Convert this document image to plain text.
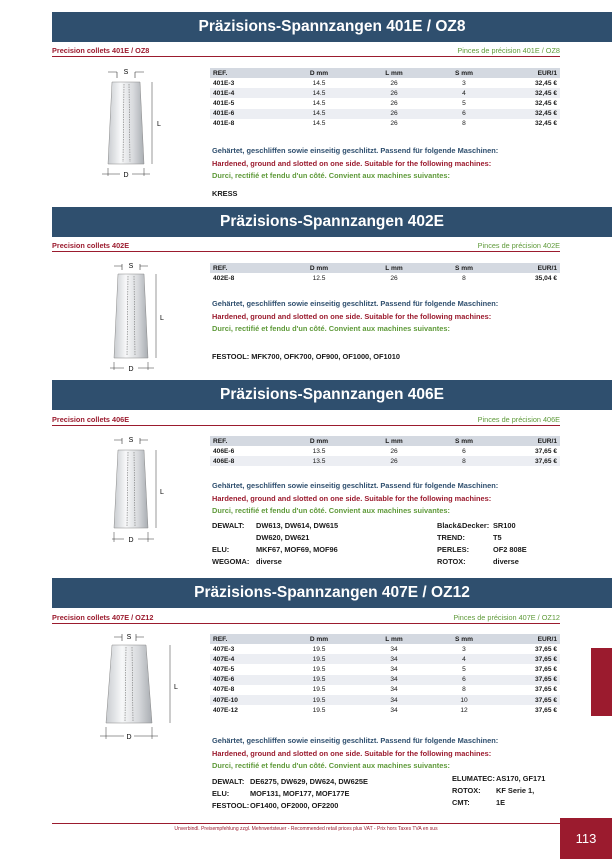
Präzisions-Spannzangen 401E / OZ8
Precision collets 401E / OZ8	Pinces de précision 401E / OZ8
S
L
D
REF.	D mm	L mm	S mm	EUR/1
401E-3	14.5	26	3	32,45 €
401E-4	14.5	26	4	32,45 €
401E-5	14.5	26	5	32,45 €
401E-6	14.5	26	6	32,45 €
401E-8	14.5	26	8	32,45 €
Gehärtet, geschliffen sowie einseitig geschlitzt. Passend für folgende Maschinen:
Hardened, ground and slotted on one side. Suitable for the following machines:
Durci, rectifié et fendu d'un côté. Convient aux machines suivantes:
KRESS
Präzisions-Spannzangen 402E
Precision collets 402E	Pinces de précision 402E
S
L
D
REF.	D mm	L mm	S mm	EUR/1
402E-8	12.5	26	8	35,04 €
Gehärtet, geschliffen sowie einseitig geschlitzt. Passend für folgende Maschinen:
Hardened, ground and slotted on one side. Suitable for the following machines:
Durci, rectifié et fendu d'un côté. Convient aux machines suivantes:
FESTOOL: MFK700, OFK700, OF900, OF1000, OF1010
Präzisions-Spannzangen 406E
Precision collets 406E	Pinces de précision 406E
S
L
D
REF.	D mm	L mm	S mm	EUR/1
406E-6	13.5	26	6	37,65 €
406E-8	13.5	26	8	37,65 €
Gehärtet, geschliffen sowie einseitig geschlitzt. Passend für folgende Maschinen:
Hardened, ground and slotted on one side. Suitable for the following machines:
Durci, rectifié et fendu d'un côté. Convient aux machines suivantes:
DEWALT: DW613, DW614, DW615
DW620, DW621
ELU:	MKF67, MOF69, MOF96
WEGOMA: diverse
Black&Decker: SR100
TREND:	T5
PERLES:	OF2 808E
ROTOX:	diverse
Präzisions-Spannzangen 407E / OZ12
Precision collets 407E / OZ12	Pinces de précision 407E / OZ12
S
L
D
REF.	D mm	L mm	S mm	EUR/1
407E-3	19.5	34	3	37,65 €
407E-4	19.5	34	4	37,65 €
407E-5	19.5	34	5	37,65 €
407E-6	19.5	34	6	37,65 €
407E-8	19.5	34	8	37,65 €
407E-10	19.5	34	10	37,65 €
407E-12	19.5	34	12	37,65 €
Gehärtet, geschliffen sowie einseitig geschlitzt. Passend für folgende Maschinen:
Hardened, ground and slotted on one side. Suitable for the following machines:
Durci, rectifié et fendu d'un côté. Convient aux machines suivantes:
DEWALT: DE6275, DW629, DW624, DW625E
ELU:	MOF131, MOF177, MOF177E
FESTOOL:OF1400, OF2000, OF2200
ELUMATEC:AS170, GF171
ROTOX: KF Serie 1,
CMT:	1E
Unverbindl. Preisempfehlung zzgl. Mehrwertsteuer - Recommended retail prices plus VAT - Prix hors Taxes TVA en sus
113
